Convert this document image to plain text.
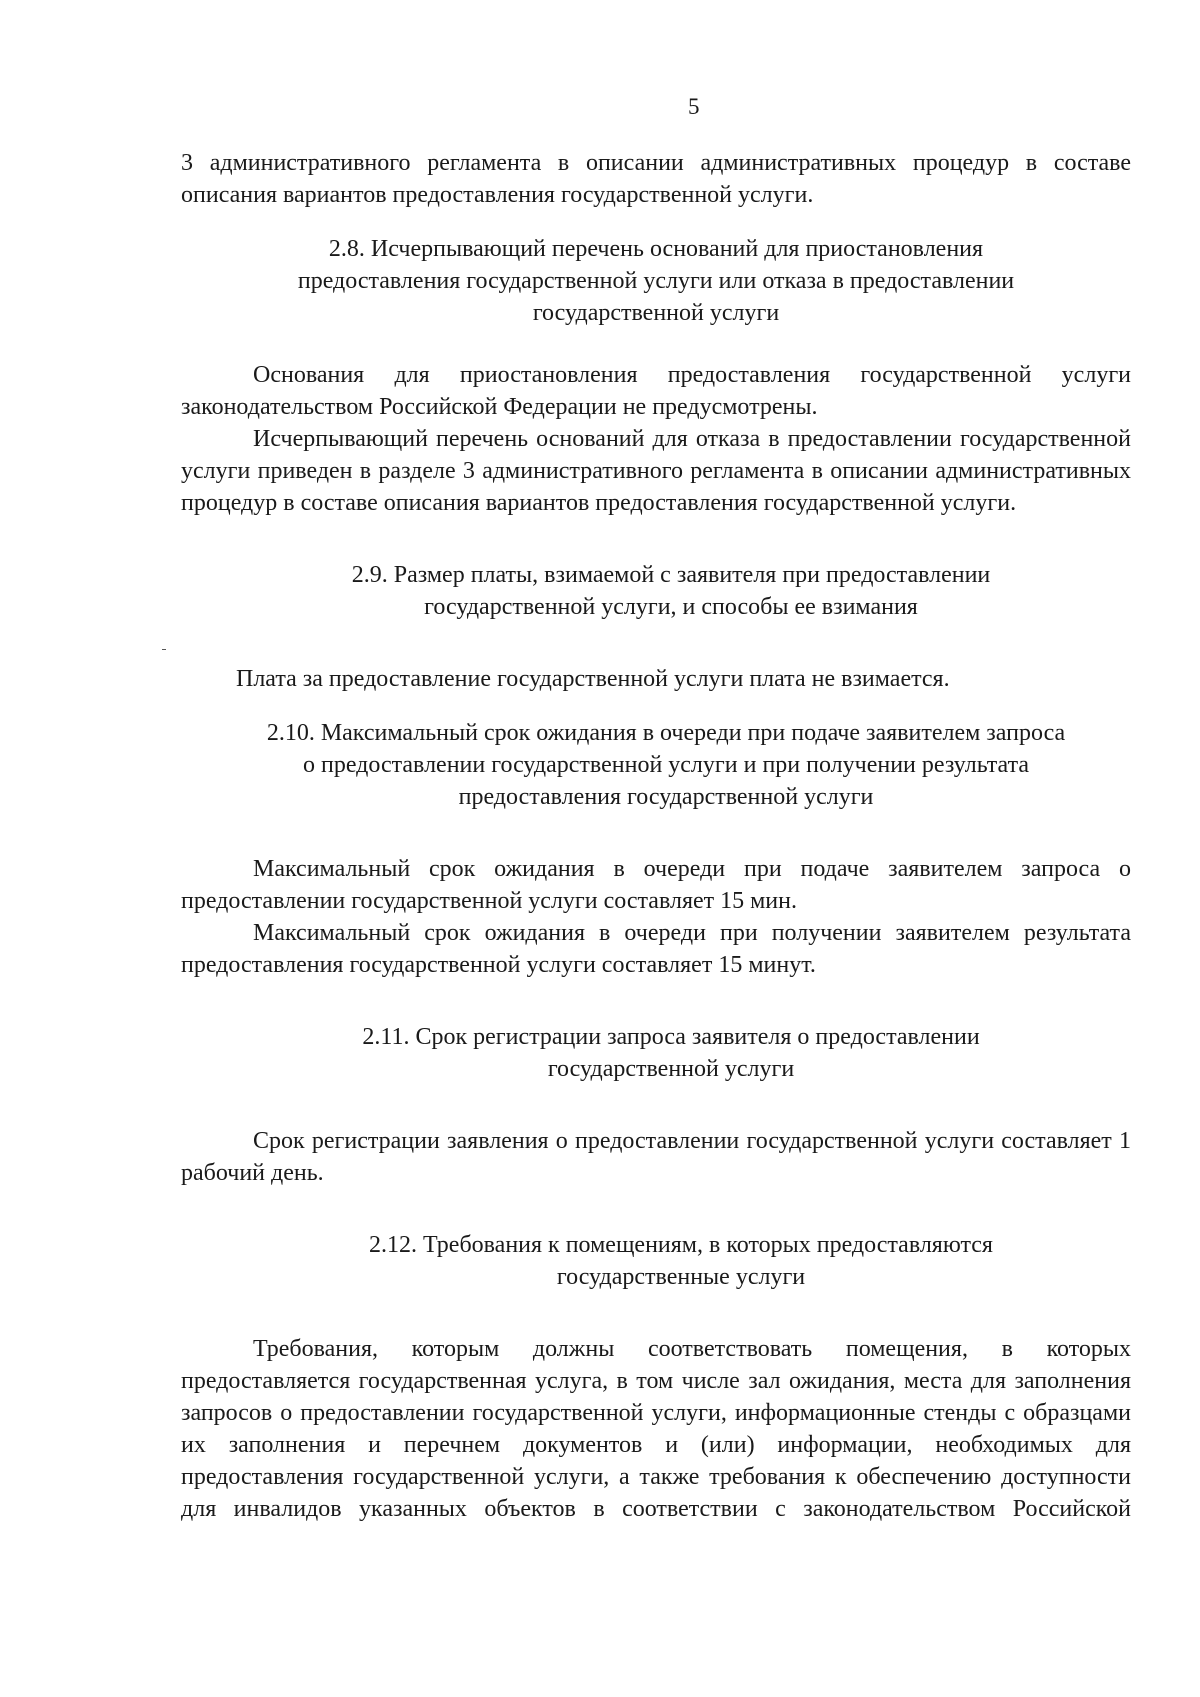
5

3 административного регламента в описании административных процедур в составе описания вариантов предоставления государственной услуги.

2.8. Исчерпывающий перечень оснований для приостановления предоставления государственной услуги или отказа в предоставлении государственной услуги

Основания для приостановления предоставления государственной услуги законодательством Российской Федерации не предусмотрены.

Исчерпывающий перечень оснований для отказа в предоставлении государственной услуги приведен в разделе 3 административного регламента в описании административных процедур в составе описания вариантов предоставления государственной услуги.

2.9. Размер платы, взимаемой с заявителя при предоставлении государственной услуги, и способы ее взимания

Плата за предоставление государственной услуги плата не взимается.

2.10. Максимальный срок ожидания в очереди при подаче заявителем запроса о предоставлении государственной услуги и при получении результата предоставления государственной услуги

Максимальный срок ожидания в очереди при подаче заявителем запроса о предоставлении государственной услуги составляет 15 мин.

Максимальный срок ожидания в очереди при получении заявителем результата предоставления государственной услуги составляет 15 минут.

2.11. Срок регистрации запроса заявителя о предоставлении государственной услуги

Срок регистрации заявления о предоставлении государственной услуги составляет 1 рабочий день.

2.12. Требования к помещениям, в которых предоставляются государственные услуги

Требования, которым должны соответствовать помещения, в которых предоставляется государственная услуга, в том числе зал ожидания, места для заполнения запросов о предоставлении государственной услуги, информационные стенды с образцами их заполнения и перечнем документов и (или) информации, необходимых для предоставления государственной услуги, а также требования к обеспечению доступности для инвалидов указанных объектов в соответствии с законодательством Российской
